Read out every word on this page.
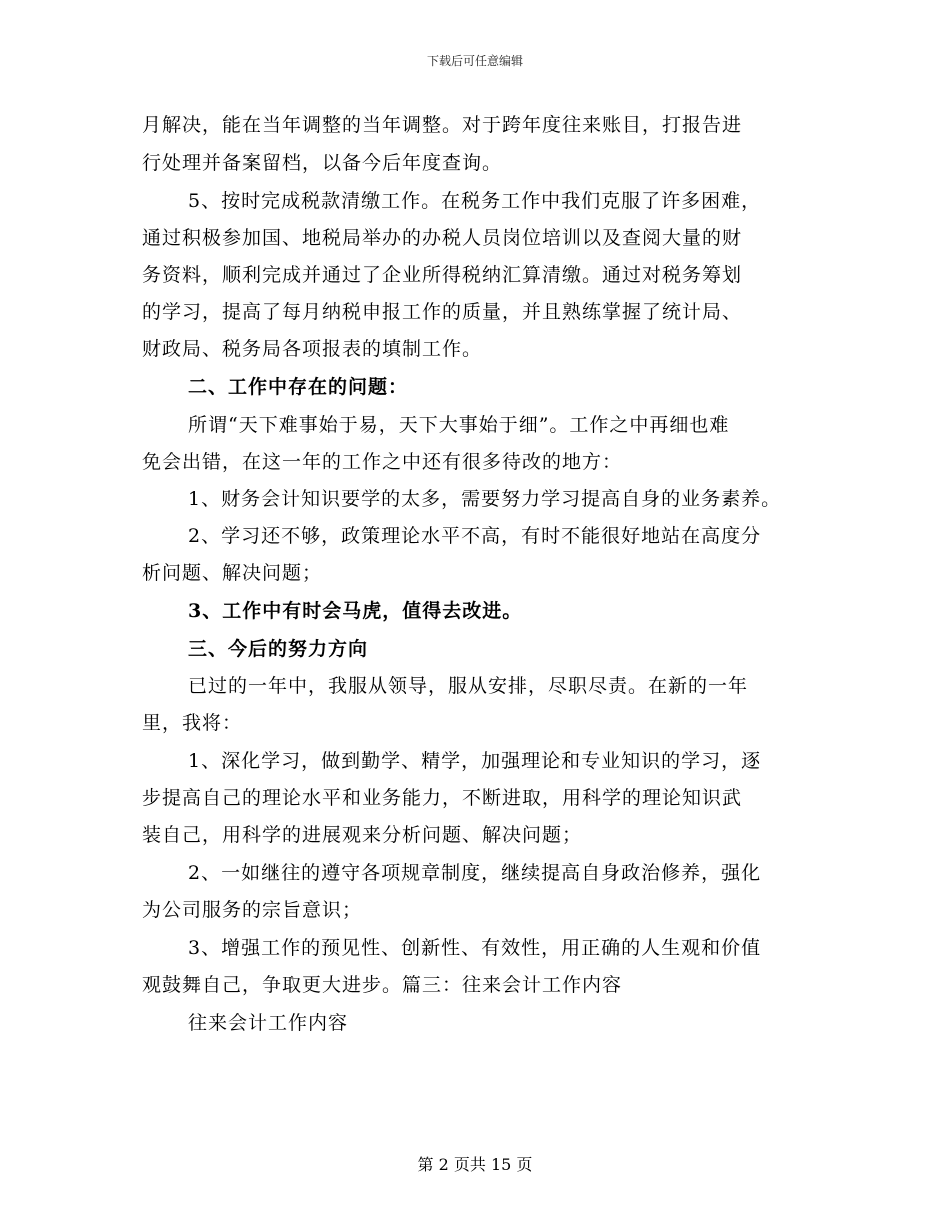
下载后可任意编辑
月解决，能在当年调整的当年调整。对于跨年度往来账目，打报告进
行处理并备案留档，以备今后年度查询。
5、按时完成税款清缴工作。在税务工作中我们克服了许多困难，
通过积极参加国、地税局举办的办税人员岗位培训以及查阅大量的财
务资料，顺利完成并通过了企业所得税纳汇算清缴。通过对税务筹划
的学习，提高了每月纳税申报工作的质量，并且熟练掌握了统计局、
财政局、税务局各项报表的填制工作。
二、工作中存在的问题：
所谓“天下难事始于易，天下大事始于细”。工作之中再细也难
免会出错，在这一年的工作之中还有很多待改的地方：
1、财务会计知识要学的太多，需要努力学习提高自身的业务素养。
2、学习还不够，政策理论水平不高，有时不能很好地站在高度分
析问题、解决问题；
3、工作中有时会马虎，值得去改进。
三、今后的努力方向
已过的一年中，我服从领导，服从安排，尽职尽责。在新的一年
里，我将：
1、深化学习，做到勤学、精学，加强理论和专业知识的学习，逐
步提高自己的理论水平和业务能力，不断进取，用科学的理论知识武
装自己，用科学的进展观来分析问题、解决问题；
2、一如继往的遵守各项规章制度，继续提高自身政治修养，强化
为公司服务的宗旨意识；
3、增强工作的预见性、创新性、有效性，用正确的人生观和价值
观鼓舞自己，争取更大进步。篇三：往来会计工作内容
往来会计工作内容
第 2 页共 15 页
